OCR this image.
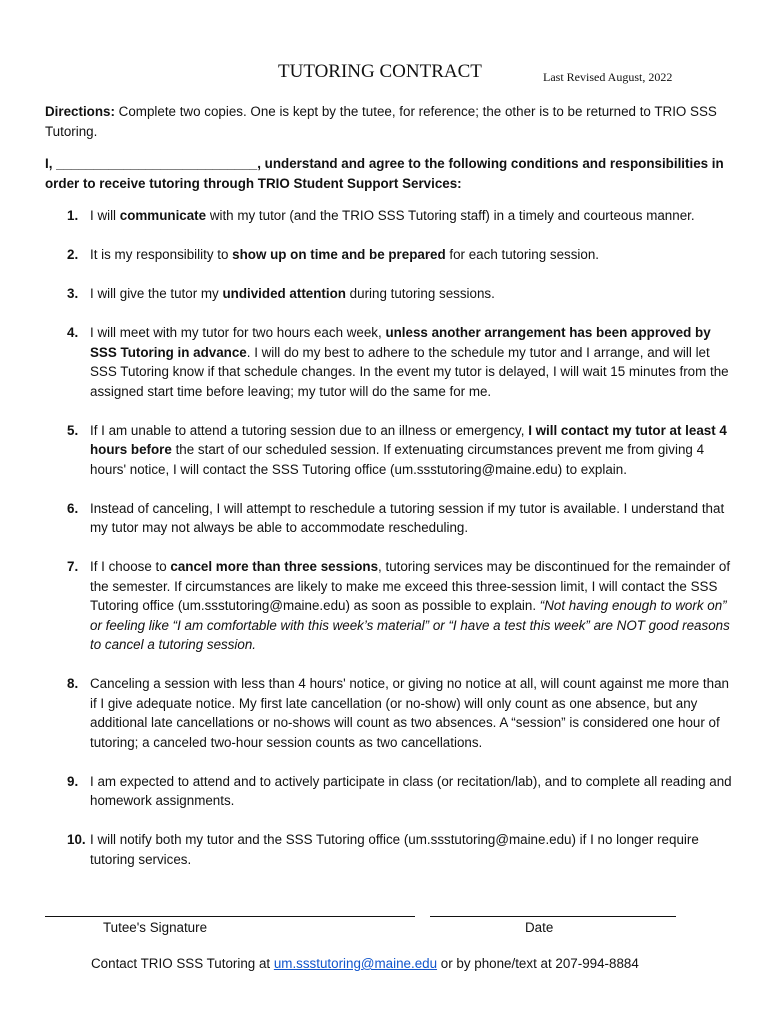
TUTORING CONTRACT	Last Revised August, 2022
Directions: Complete two copies. One is kept by the tutee, for reference; the other is to be returned to TRIO SSS Tutoring.
I, ___________________________, understand and agree to the following conditions and responsibilities in order to receive tutoring through TRIO Student Support Services:
1. I will communicate with my tutor (and the TRIO SSS Tutoring staff) in a timely and courteous manner.
2. It is my responsibility to show up on time and be prepared for each tutoring session.
3. I will give the tutor my undivided attention during tutoring sessions.
4. I will meet with my tutor for two hours each week, unless another arrangement has been approved by SSS Tutoring in advance. I will do my best to adhere to the schedule my tutor and I arrange, and will let SSS Tutoring know if that schedule changes. In the event my tutor is delayed, I will wait 15 minutes from the assigned start time before leaving; my tutor will do the same for me.
5. If I am unable to attend a tutoring session due to an illness or emergency, I will contact my tutor at least 4 hours before the start of our scheduled session. If extenuating circumstances prevent me from giving 4 hours' notice, I will contact the SSS Tutoring office (um.ssstutoring@maine.edu) to explain.
6. Instead of canceling, I will attempt to reschedule a tutoring session if my tutor is available. I understand that my tutor may not always be able to accommodate rescheduling.
7. If I choose to cancel more than three sessions, tutoring services may be discontinued for the remainder of the semester. If circumstances are likely to make me exceed this three-session limit, I will contact the SSS Tutoring office (um.ssstutoring@maine.edu) as soon as possible to explain. “Not having enough to work on” or feeling like “I am comfortable with this week’s material” or “I have a test this week” are NOT good reasons to cancel a tutoring session.
8. Canceling a session with less than 4 hours' notice, or giving no notice at all, will count against me more than if I give adequate notice. My first late cancellation (or no-show) will only count as one absence, but any additional late cancellations or no-shows will count as two absences. A “session” is considered one hour of tutoring; a canceled two-hour session counts as two cancellations.
9. I am expected to attend and to actively participate in class (or recitation/lab), and to complete all reading and homework assignments.
10. I will notify both my tutor and the SSS Tutoring office (um.ssstutoring@maine.edu) if I no longer require tutoring services.
Tutee's Signature	Date
Contact TRIO SSS Tutoring at um.ssstutoring@maine.edu or by phone/text at 207-994-8884
